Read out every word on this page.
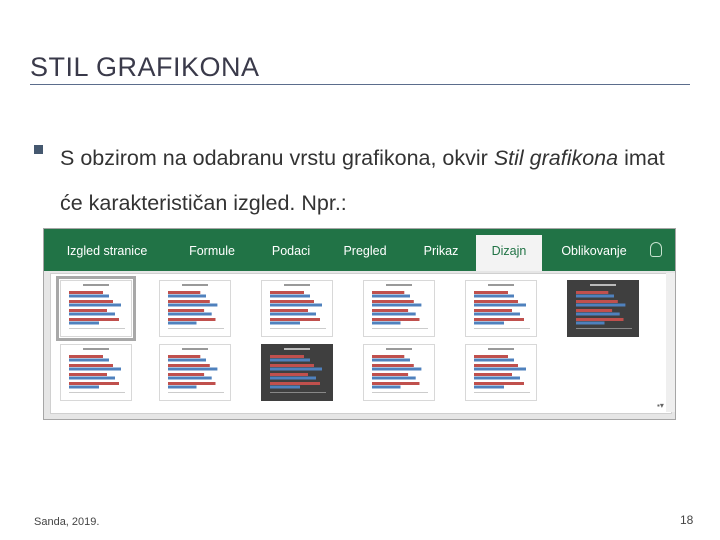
STIL GRAFIKONA
S obzirom na odabranu vrstu grafikona, okvir Stil grafikona imat će karakterističan izgled. Npr.:
Izgled stranice	Formule	Podaci	Pregled	Prikaz	Dizajn	Oblikovanje
▪▾
Sanda, 2019.	18
